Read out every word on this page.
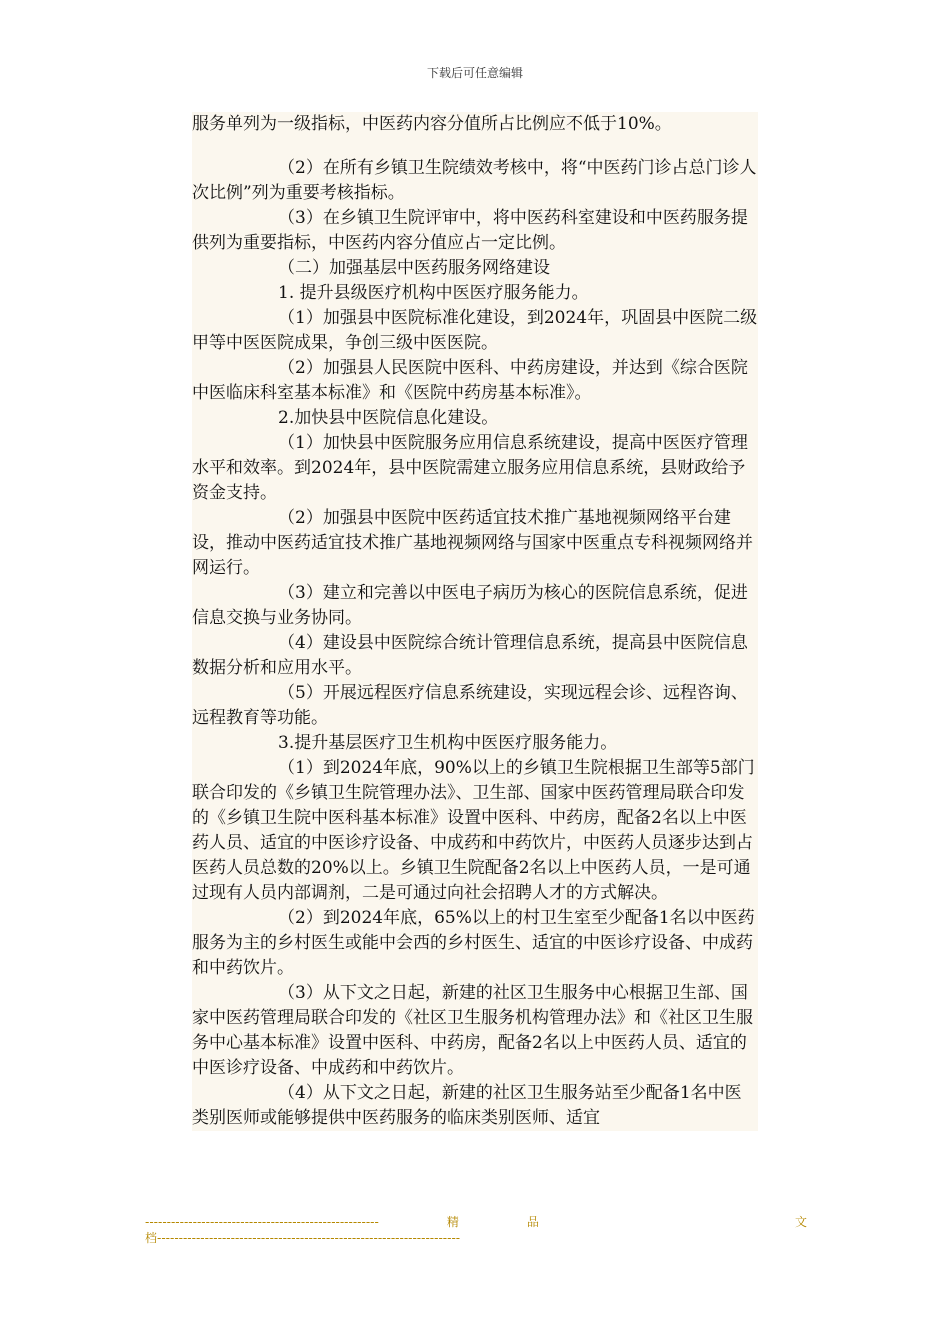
下载后可任意编辑

服务单列为一级指标，中医药内容分值所占比例应不低于10%。

（2）在所有乡镇卫生院绩效考核中，将“中医药门诊占总门诊人次比例”列为重要考核指标。

（3）在乡镇卫生院评审中，将中医药科室建设和中医药服务提供列为重要指标，中医药内容分值应占一定比例。

（二）加强基层中医药服务网络建设

1. 提升县级医疗机构中医医疗服务能力。

（1）加强县中医院标准化建设，到2024年，巩固县中医院二级甲等中医医院成果，争创三级中医医院。

（2）加强县人民医院中医科、中药房建设，并达到《综合医院中医临床科室基本标准》和《医院中药房基本标准》。

2.加快县中医院信息化建设。

（1）加快县中医院服务应用信息系统建设，提高中医医疗管理水平和效率。到2024年，县中医院需建立服务应用信息系统，县财政给予资金支持。

（2）加强县中医院中医药适宜技术推广基地视频网络平台建设，推动中医药适宜技术推广基地视频网络与国家中医重点专科视频网络并网运行。

（3）建立和完善以中医电子病历为核心的医院信息系统，促进信息交换与业务协同。

（4）建设县中医院综合统计管理信息系统，提高县中医院信息数据分析和应用水平。

（5）开展远程医疗信息系统建设，实现远程会诊、远程咨询、远程教育等功能。

3.提升基层医疗卫生机构中医医疗服务能力。

（1）到2024年底，90%以上的乡镇卫生院根据卫生部等5部门联合印发的《乡镇卫生院管理办法》、卫生部、国家中医药管理局联合印发的《乡镇卫生院中医科基本标准》设置中医科、中药房，配备2名以上中医药人员、适宜的中医诊疗设备、中成药和中药饮片，中医药人员逐步达到占医药人员总数的20%以上。乡镇卫生院配备2名以上中医药人员，一是可通过现有人员内部调剂，二是可通过向社会招聘人才的方式解决。

（2）到2024年底，65%以上的村卫生室至少配备1名以中医药服务为主的乡村医生或能中会西的乡村医生、适宜的中医诊疗设备、中成药和中药饮片。

（3）从下文之日起，新建的社区卫生服务中心根据卫生部、国家中医药管理局联合印发的《社区卫生服务机构管理办法》和《社区卫生服务中心基本标准》设置中医科、中药房，配备2名以上中医药人员、适宜的中医诊疗设备、中成药和中药饮片。

（4）从下文之日起，新建的社区卫生服务站至少配备1名中医类别医师或能够提供中医药服务的临床类别医师、适宜

------------------------------------------------------	精	品	文
档----------------------------------------------------------------------
